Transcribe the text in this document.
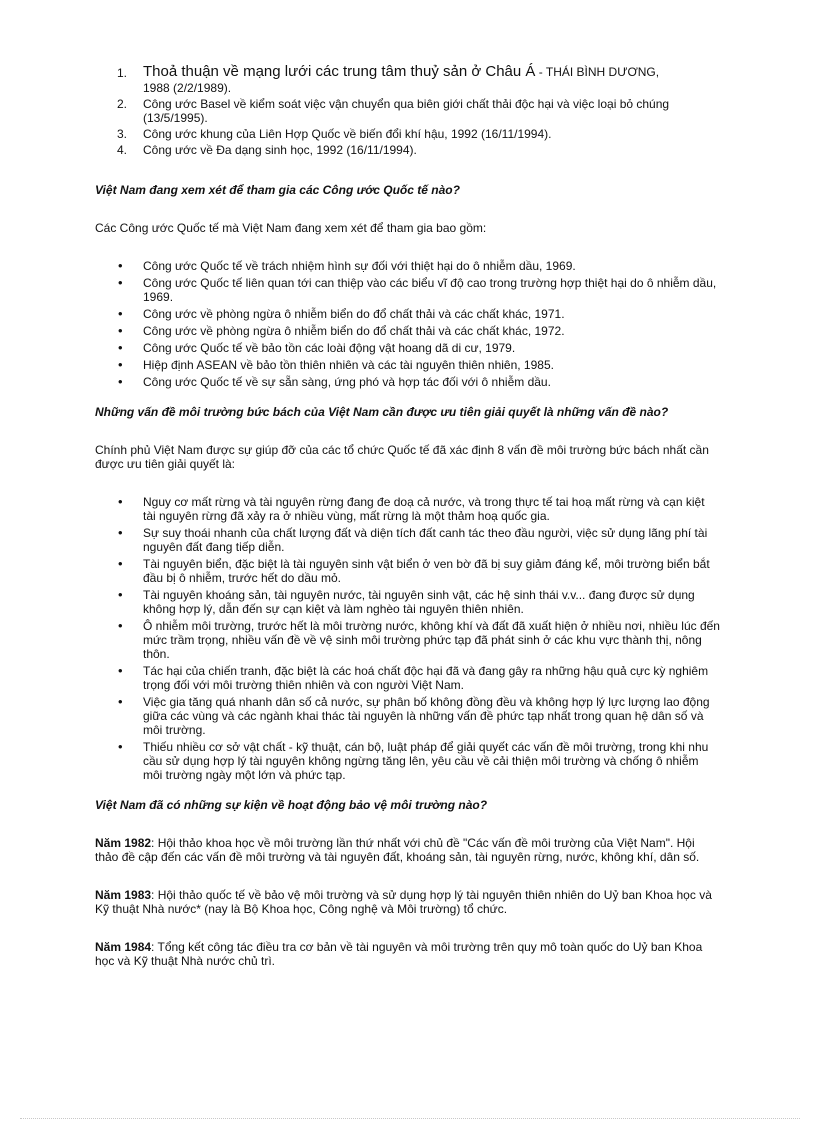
1. Thoả thuận về mạng lưới các trung tâm thuỷ sản ở Châu Á - THÁI BÌNH DƯƠNG,
1988 (2/2/1989).
2. Công ước Basel về kiểm soát việc vận chuyển qua biên giới chất thải độc hại và việc loại bỏ chúng (13/5/1995).
3. Công ước khung của Liên Hợp Quốc về biến đổi khí hậu, 1992 (16/11/1994).
4. Công ước về Đa dạng sinh học, 1992 (16/11/1994).
Việt Nam đang xem xét để tham gia các Công ước Quốc tế nào?

Các Công ước Quốc tế mà Việt Nam đang xem xét để tham gia bao gồm:

• Công ước Quốc tế về trách nhiệm hình sự đối với thiệt hại do ô nhiễm dầu, 1969.
• Công ước Quốc tế liên quan tới can thiệp vào các biểu vĩ độ cao trong trường hợp thiệt hại do ô nhiễm dầu, 1969.
• Công ước về phòng ngừa ô nhiễm biển do đổ chất thải và các chất khác, 1971.
• Công ước về phòng ngừa ô nhiễm biển do đổ chất thải và các chất khác, 1972.
• Công ước Quốc tế về bảo tồn các loài động vật hoang dã di cư, 1979.
• Hiệp định ASEAN về bảo tồn thiên nhiên và các tài nguyên thiên nhiên, 1985.
• Công ước Quốc tế về sự sẵn sàng, ứng phó và hợp tác đối với ô nhiễm dầu.
Những vấn đề môi trường bức bách của Việt Nam cần được ưu tiên giải quyết là những vấn đề nào?

Chính phủ Việt Nam được sự giúp đỡ của các tổ chức Quốc tế đã xác định 8 vấn đề môi trường bức bách nhất cần được ưu tiên giải quyết là:

• Nguy cơ mất rừng và tài nguyên rừng đang đe doạ cả nước, và trong thực tế tai hoạ mất rừng và cạn kiệt tài nguyên rừng đã xảy ra ở nhiều vùng, mất rừng là một thảm hoạ quốc gia.
• Sự suy thoái nhanh của chất lượng đất và diện tích đất canh tác theo đầu người, việc sử dụng lãng phí tài nguyên đất đang tiếp diễn.
• Tài nguyên biển, đặc biệt là tài nguyên sinh vật biển ở ven bờ đã bị suy giảm đáng kể, môi trường biển bắt đầu bị ô nhiễm, trước hết do dầu mỏ.
• Tài nguyên khoáng sản, tài nguyên nước, tài nguyên sinh vật, các hệ sinh thái v.v... đang được sử dụng không hợp lý, dẫn đến sự cạn kiệt và làm nghèo tài nguyên thiên nhiên.
• Ô nhiễm môi trường, trước hết là môi trường nước, không khí và đất đã xuất hiện ở nhiều nơi, nhiều lúc đến mức trầm trọng, nhiều vấn đề về vệ sinh môi trường phức tạp đã phát sinh ở các khu vực thành thị, nông thôn.
• Tác hại của chiến tranh, đặc biệt là các hoá chất độc hại đã và đang gây ra những hậu quả cực kỳ nghiêm trọng đối với môi trường thiên nhiên và con người Việt Nam.
• Việc gia tăng quá nhanh dân số cả nước, sự phân bố không đồng đều và không hợp lý lực lượng lao động giữa các vùng và các ngành khai thác tài nguyên là những vấn đề phức tạp nhất trong quan hệ dân số và môi trường.
• Thiếu nhiều cơ sở vật chất - kỹ thuật, cán bộ, luật pháp để giải quyết các vấn đề môi trường, trong khi nhu cầu sử dụng hợp lý tài nguyên không ngừng tăng lên, yêu cầu về cải thiện môi trường và chống ô nhiễm môi trường ngày một lớn và phức tạp.
Việt Nam đã có những sự kiện về hoạt động bảo vệ môi trường nào?

Năm 1982: Hội thảo khoa học về môi trường lần thứ nhất với chủ đề "Các vấn đề môi trường của Việt Nam". Hội thảo đề cập đến các vấn đề môi trường và tài nguyên đất, khoáng sản, tài nguyên rừng, nước, không khí, dân số.

Năm 1983: Hội thảo quốc tế về bảo vệ môi trường và sử dụng hợp lý tài nguyên thiên nhiên do Uỷ ban Khoa học và Kỹ thuật Nhà nước* (nay là Bộ Khoa học, Công nghệ và Môi trường) tổ chức.

Năm 1984: Tổng kết công tác điều tra cơ bản về tài nguyên và môi trường trên quy mô toàn quốc do Uỷ ban Khoa học và Kỹ thuật Nhà nước chủ trì.
